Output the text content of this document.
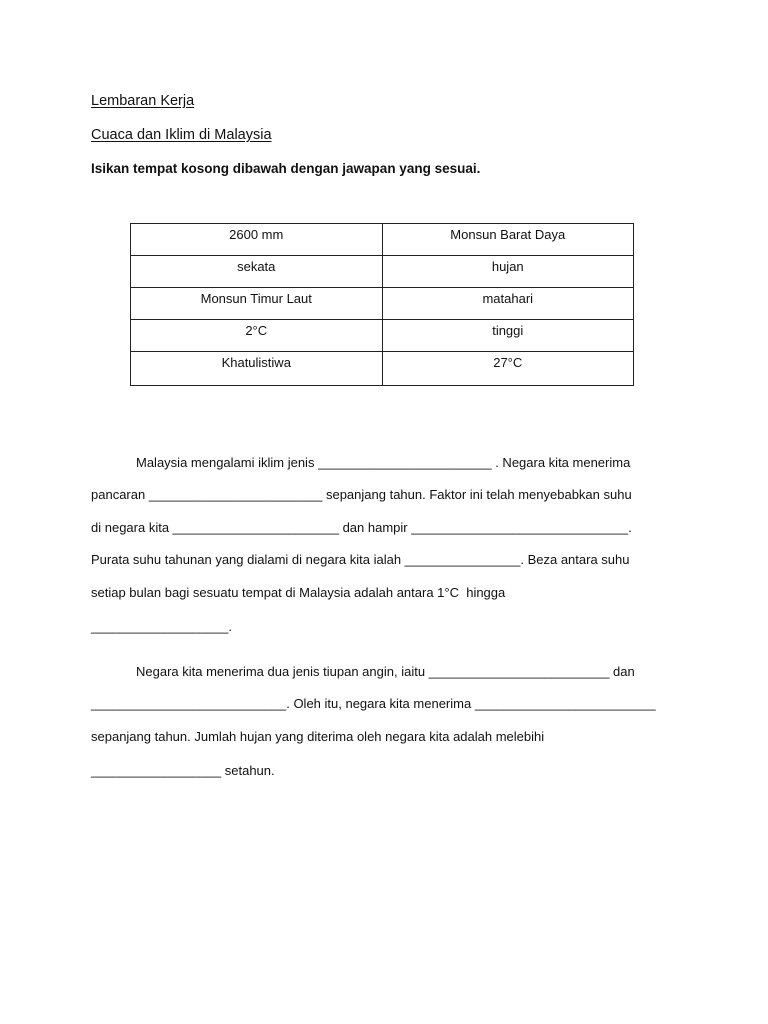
Lembaran Kerja
Cuaca dan Iklim di Malaysia
Isikan tempat kosong dibawah dengan jawapan yang sesuai.
2600 mm	Monsun Barat Daya
sekata	hujan
Monsun Timur Laut	matahari
2°C	tinggi
Khatulistiwa	27°C
Malaysia mengalami iklim jenis ________________________ . Negara kita menerima
pancaran ________________________ sepanjang tahun. Faktor ini telah menyebabkan suhu
di negara kita _______________________ dan hampir ______________________________.
Purata suhu tahunan yang dialami di negara kita ialah ________________. Beza antara suhu
setiap bulan bagi sesuatu tempat di Malaysia adalah antara 1°C  hingga
___________________.
Negara kita menerima dua jenis tiupan angin, iaitu _________________________ dan
___________________________. Oleh itu, negara kita menerima _________________________
sepanjang tahun. Jumlah hujan yang diterima oleh negara kita adalah melebihi
__________________ setahun.
